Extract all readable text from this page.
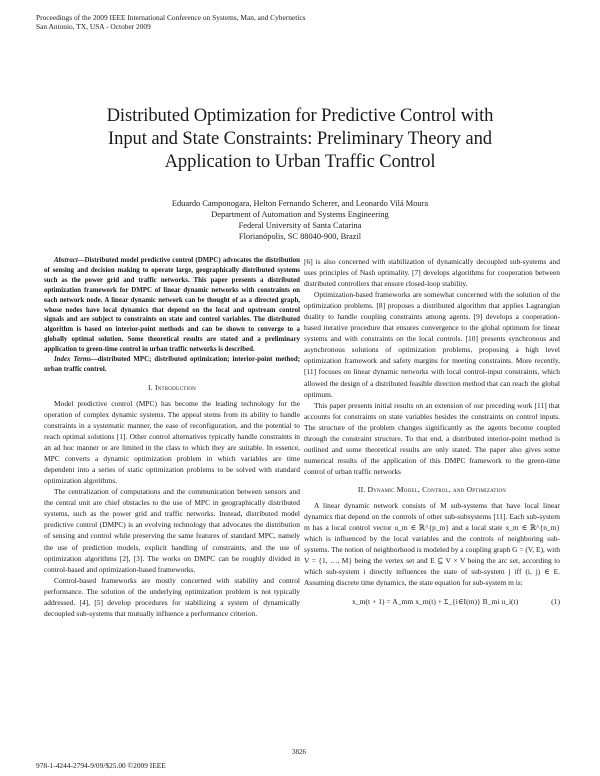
Proceedings of the 2009 IEEE International Conference on Systems, Man, and Cybernetics
San Antonio, TX, USA - October 2009
Distributed Optimization for Predictive Control with
Input and State Constraints: Preliminary Theory and
Application to Urban Traffic Control
Eduardo Camponogara, Helton Fernando Scherer, and Leonardo Vilá Moura
Department of Automation and Systems Engineering
Federal University of Santa Catarina
Florianópolis, SC 88040-900, Brazil

Abstract—Distributed model predictive control (DMPC) advocates the distribution of sensing and decision making to operate large, geographically distributed systems such as the power grid and traffic networks. This paper presents a distributed optimization framework for DMPC of linear dynamic networks with constraints on each network node. A linear dynamic network can be thought of as a directed graph, whose nodes have local dynamics that depend on the local and upstream control signals and are subject to constraints on state and control variables. The distributed algorithm is based on interior-point methods and can be shown to converge to a globally optimal solution. Some theoretical results are stated and a preliminary application to green-time control in urban traffic networks is described.

Index Terms—distributed MPC; distributed optimization; interior-point method; urban traffic control.

I. Introduction

Model predictive control (MPC) has become the leading technology for the operation of complex dynamic systems. The appeal stems from its ability to handle constraints in a systematic manner, the ease of reconfiguration, and the potential to reach optimal solutions [1]. Other control alternatives typically handle constraints in an ad hoc manner or are limited in the class to which they are suitable. In essence, MPC converts a dynamic optimization problem in which variables are time dependent into a series of static optimization problems to be solved with standard optimization algorithms.

The centralization of computations and the communication between sensors and the central unit are chief obstacles to the use of MPC in geographically distributed systems, such as the power grid and traffic networks. Instead, distributed model predictive control (DMPC) is an evolving technology that advocates the distribution of sensing and control while preserving the same features of standard MPC, namely the use of prediction models, explicit handling of constraints, and the use of optimization algorithms [2], [3]. The works on DMPC can be roughly divided in control-based and optimization-based frameworks.

Control-based frameworks are mostly concerned with stability and control performance. The solution of the underlying optimization problem is not typically addressed. [4], [5] develop procedures for stabilizing a system of dynamically decoupled sub-systems that mutually influence a performance criterion.

[6] is also concerned with stabilization of dynamically decoupled sub-systems and uses principles of Nash optimality. [7] develops algorithms for cooperation between distributed controllers that ensure closed-loop stability.

Optimization-based frameworks are somewhat concerned with the solution of the optimization problems. [8] proposes a distributed algorithm that applies Lagrangian duality to handle coupling constraints among agents. [9] develops a cooperation-based iterative procedure that ensures convergence to the global optimum for linear systems and with constraints on the local controls. [10] presents synchronous and asynchronous solutions of optimization problems, proposing a high level optimization framework and safety margins for meeting constraints. More recently, [11] focuses on linear dynamic networks with local control-input constraints, which allowed the design of a distributed feasible direction method that can reach the global optimum.

This paper presents initial results on an extension of our preceding work [11] that accounts for constraints on state variables besides the constraints on control inputs. The structure of the problem changes significantly as the agents become coupled through the constraint structure. To that end, a distributed interior-point method is outlined and some theoretical results are only stated. The paper also gives some numerical results of the application of this DMPC framework to the green-time control of urban traffic networks

II. Dynamic Model, Control, and Optimization

A linear dynamic network consists of M sub-systems that have local linear dynamics that depend on the controls of other sub-subsystems [11]. Each sub-system m has a local control vector u_m ∈ ℝ^{p_m} and a local state x_m ∈ ℝ^{n_m} which is influenced by the local variables and the controls of neighboring sub-systems. The notion of neighborhood is modeled by a coupling graph G = (V, E), with V = {1, …, M} being the vertex set and E ⊆ V × V being the arc set, according to which sub-system i directly influences the state of sub-system j iff (i, j) ∈ E. Assuming discrete time dynamics, the state equation for sub-system m is:

x_m(t + 1) = A_mm x_m(t) + Σ_{i∈I(m)} B_mi u_i(t)	(1)
3826
978-1-4244-2794-9/09/$25.00 ©2009 IEEE
